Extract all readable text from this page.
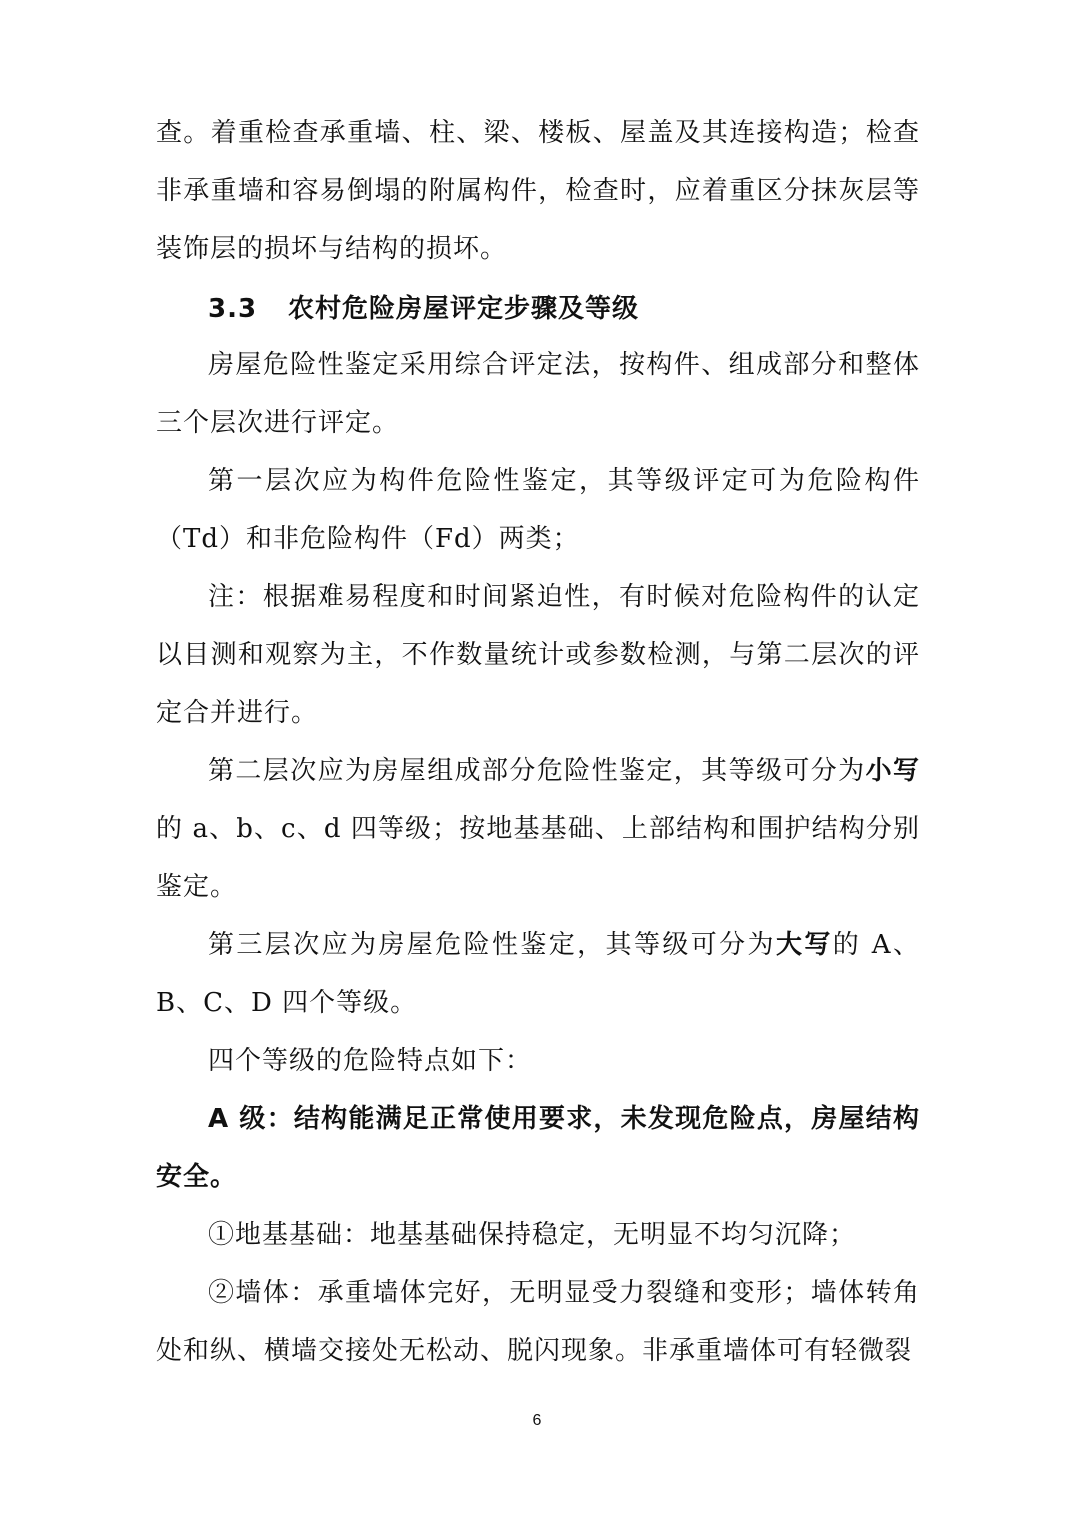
查。着重检查承重墙、柱、梁、楼板、屋盖及其连接构造；检查非承重墙和容易倒塌的附属构件，检查时，应着重区分抹灰层等装饰层的损坏与结构的损坏。

3.3 农村危险房屋评定步骤及等级

房屋危险性鉴定采用综合评定法，按构件、组成部分和整体三个层次进行评定。

第一层次应为构件危险性鉴定，其等级评定可为危险构件（Td）和非危险构件（Fd）两类；

注：根据难易程度和时间紧迫性，有时候对危险构件的认定以目测和观察为主，不作数量统计或参数检测，与第二层次的评定合并进行。

第二层次应为房屋组成部分危险性鉴定，其等级可分为小写的 a、b、c、d 四等级；按地基基础、上部结构和围护结构分别鉴定。

第三层次应为房屋危险性鉴定，其等级可分为大写的 A、B、C、D 四个等级。

四个等级的危险特点如下：

A 级：结构能满足正常使用要求，未发现危险点，房屋结构安全。

①地基基础：地基基础保持稳定，无明显不均匀沉降；

②墙体：承重墙体完好，无明显受力裂缝和变形；墙体转角处和纵、横墙交接处无松动、脱闪现象。非承重墙体可有轻微裂

6
